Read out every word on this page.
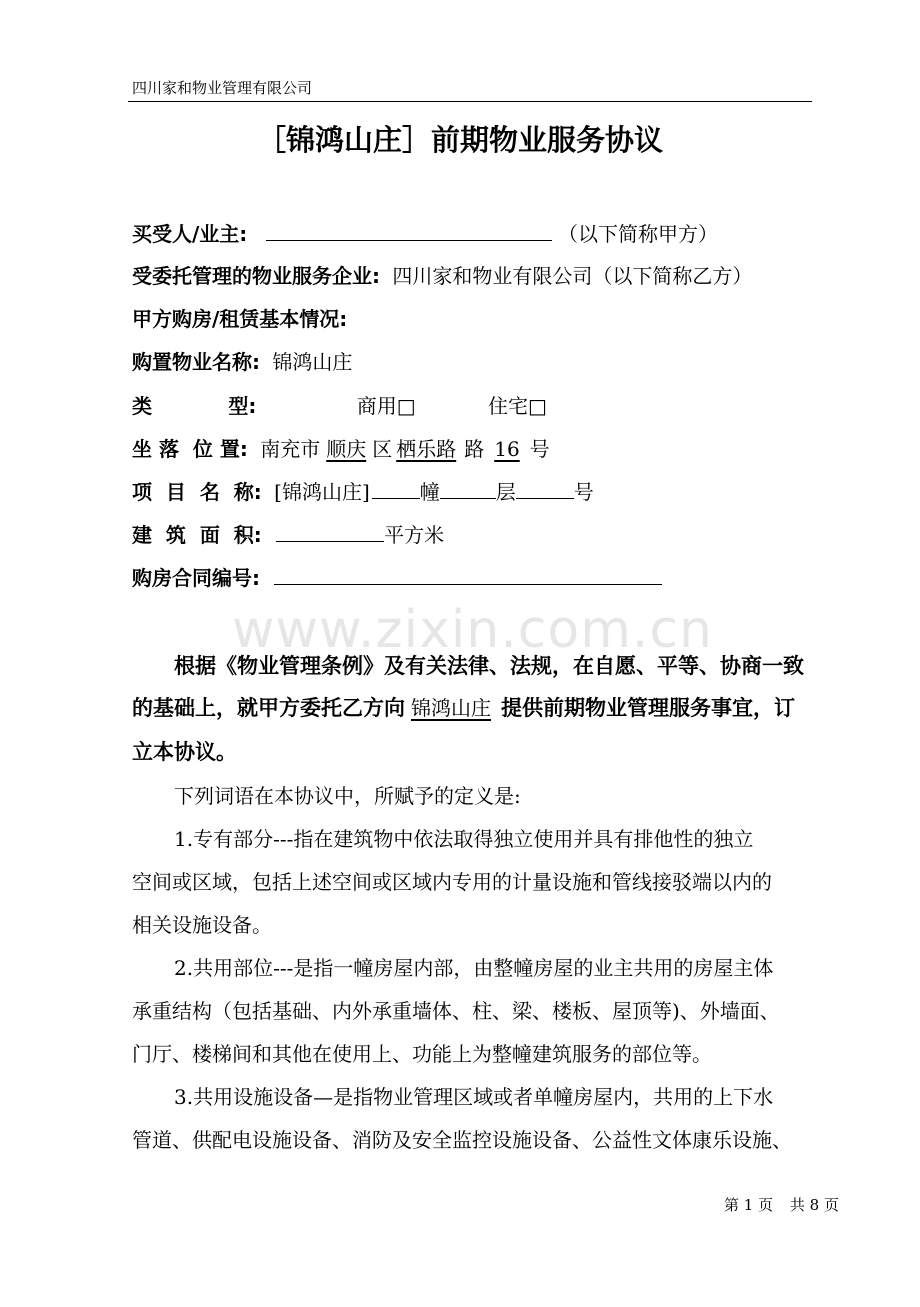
四川家和物业管理有限公司
［锦鸿山庄］前期物业服务协议
买受人/业主:	（以下简称甲方）
受委托管理的物业服务企业: 四川家和物业有限公司（以下简称乙方）
甲方购房/租赁基本情况:
购置物业名称: 锦鸿山庄
类	型:	商用□	住宅□
坐 落  位 置: 南充市 顺庆 区 栖乐路 路 16 号
项  目  名  称: [锦鸿山庄]	幢	层	号
建  筑  面  积:	平方米
购房合同编号:
www.zixin.com.cn
根据《物业管理条例》及有关法律、法规，在自愿、平等、协商一致
的基础上，就甲方委托乙方向 锦鸿山庄 提供前期物业管理服务事宜，订
立本协议。
下列词语在本协议中，所赋予的定义是:
1.专有部分---指在建筑物中依法取得独立使用并具有排他性的独立
空间或区域，包括上述空间或区域内专用的计量设施和管线接驳端以内的
相关设施设备。
2.共用部位---是指一幢房屋内部，由整幢房屋的业主共用的房屋主体
承重结构（包括基础、内外承重墙体、柱、梁、楼板、屋顶等)、外墙面、
门厅、楼梯间和其他在使用上、功能上为整幢建筑服务的部位等。
3.共用设施设备—是指物业管理区域或者单幢房屋内，共用的上下水
管道、供配电设施设备、消防及安全监控设施设备、公益性文体康乐设施、
第 1 页 共 8 页
